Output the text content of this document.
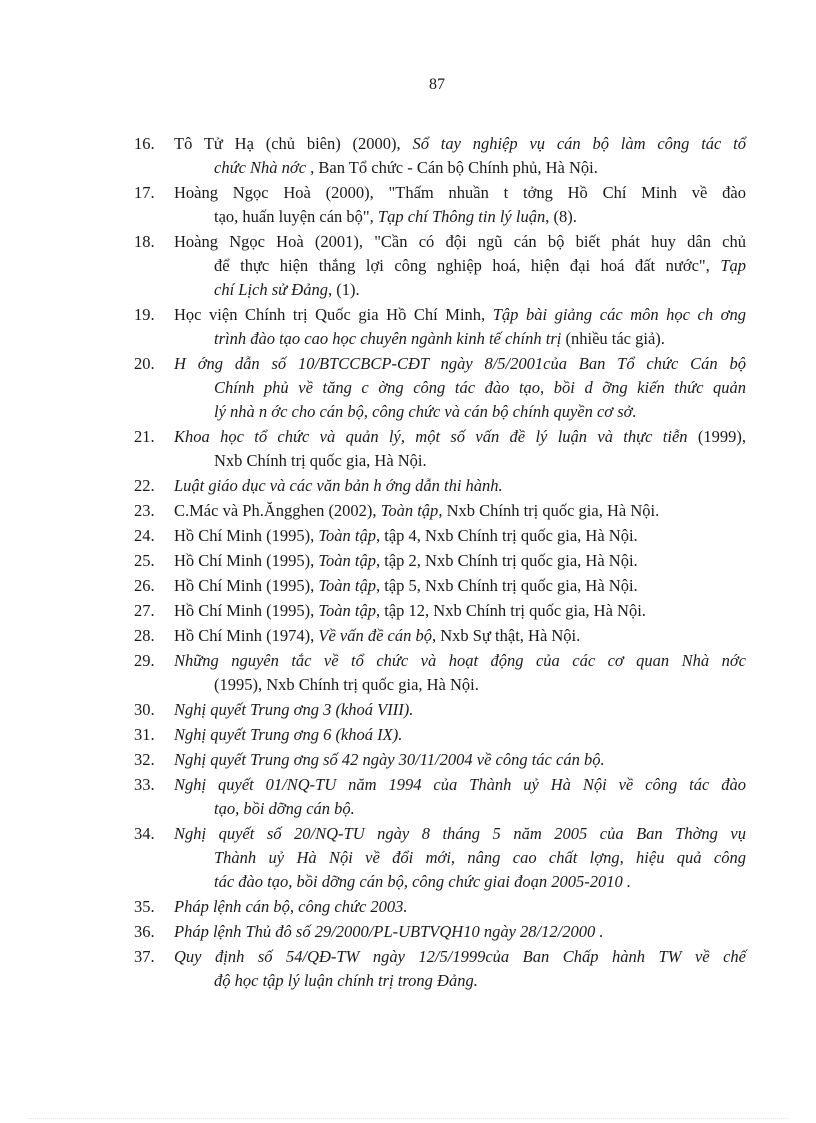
87
16.	Tô Tử Hạ (chủ biên) (2000), Sổ tay nghiệp vụ cán bộ làm công tác tổ
chức Nhà nớc , Ban Tổ chức - Cán bộ Chính phủ, Hà Nội.
17.	Hoàng Ngọc Hoà (2000), "Thấm nhuần t tởng Hồ Chí Minh về đào
tạo, huấn luyện cán bộ", Tạp chí Thông tin lý luận, (8).
18.	Hoàng Ngọc Hoà (2001), "Cần có đội ngũ cán bộ biết phát huy dân chủ
để thực hiện thắng lợi công nghiệp hoá, hiện đại hoá đất nước", Tạp
chí Lịch sử Đảng, (1).
19.	Học viện Chính trị Quốc gia Hồ Chí Minh, Tập bài giảng các môn học ch ơng
trình đào tạo cao học chuyên ngành kinh tế chính trị (nhiều tác giả).
20.	H ớng dẫn số 10/BTCCBCP-CĐT ngày 8/5/2001của Ban Tổ chức Cán bộ
Chính phủ về tăng c ờng công tác đào tạo, bồi d ỡng kiến thức quản
lý nhà n ớc cho cán bộ, công chức và cán bộ chính quyền cơ sở.
21.	Khoa học tổ chức và quản lý, một số vấn đề lý luận và thực tiễn (1999),
Nxb Chính trị quốc gia, Hà Nội.
22.	Luật giáo dục và các văn bản h ớng dẫn thi hành.
23.	C.Mác và Ph.Ăngghen (2002), Toàn tập, Nxb Chính trị quốc gia, Hà Nội.
24.	Hồ Chí Minh (1995), Toàn tập, tập 4, Nxb Chính trị quốc gia, Hà Nội.
25.	Hồ Chí Minh (1995), Toàn tập, tập 2, Nxb Chính trị quốc gia, Hà Nội.
26.	Hồ Chí Minh (1995), Toàn tập, tập 5, Nxb Chính trị quốc gia, Hà Nội.
27.	Hồ Chí Minh (1995), Toàn tập, tập 12, Nxb Chính trị quốc gia, Hà Nội.
28.	Hồ Chí Minh (1974), Về vấn đề cán bộ, Nxb Sự thật, Hà Nội.
29.	Những nguyên tắc về tổ chức và hoạt động của các cơ quan Nhà nớc
(1995), Nxb Chính trị quốc gia, Hà Nội.
30.	Nghị quyết Trung ơng 3 (khoá VIII).
31.	Nghị quyết Trung ơng 6 (khoá IX).
32.	Nghị quyết Trung ơng số 42 ngày 30/11/2004 về công tác cán bộ.
33.	Nghị quyết 01/NQ-TU năm 1994 của Thành uỷ Hà Nội về công tác đào
tạo, bồi dỡng cán bộ.
34.	Nghị quyết số 20/NQ-TU ngày 8 tháng 5 năm 2005 của Ban Thờng vụ
Thành uỷ Hà Nội về đổi mới, nâng cao chất lợng, hiệu quả công
tác đào tạo, bồi dỡng cán bộ, công chức giai đoạn 2005-2010 .
35.	Pháp lệnh cán bộ, công chức 2003.
36.	Pháp lệnh Thủ đô số 29/2000/PL-UBTVQH10 ngày 28/12/2000 .
37.	Quy định số 54/QĐ-TW ngày 12/5/1999của Ban Chấp hành TW về chế
độ học tập lý luận chính trị trong Đảng.
